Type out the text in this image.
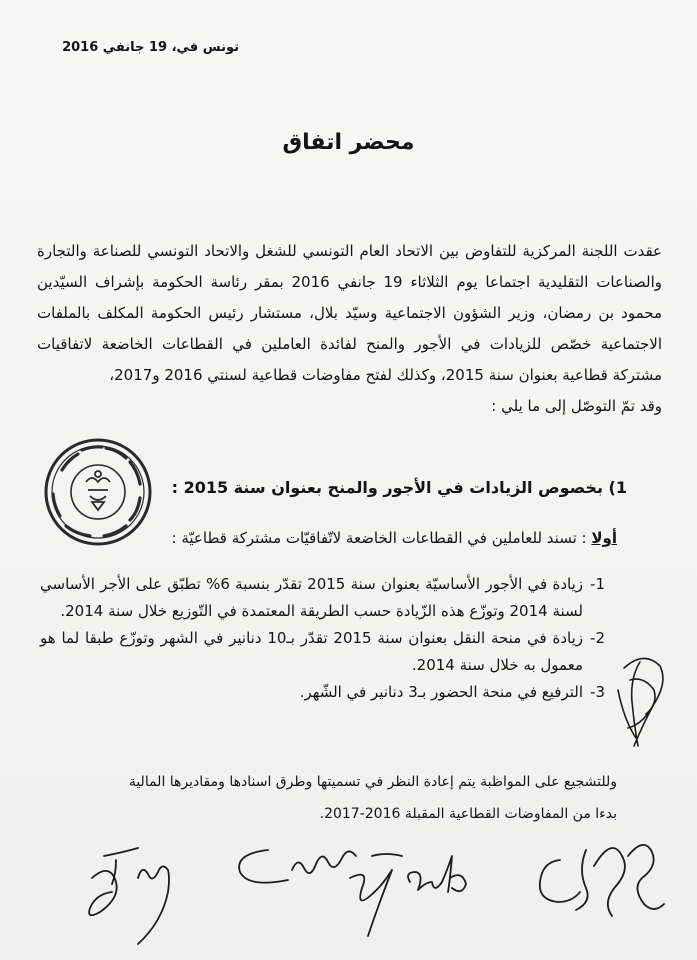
تونس في، 19 جانفي 2016
محضر اتفاق

عقدت اللجنة المركزية للتفاوض بين الاتحاد العام التونسي للشغل والاتحاد التونسي للصناعة والتجارة والصناعات التقليدية اجتماعا يوم الثلاثاء 19 جانفي 2016 بمقر رئاسة الحكومة بإشراف السيّدين محمود بن رمضان، وزير الشؤون الاجتماعية وسيّد بلال، مستشار رئيس الحكومة المكلف بالملفات الاجتماعية خصّص للزيادات في الأجور والمنح لفائدة العاملين في القطاعات الخاضعة لاتفاقيات مشتركة قطاعية بعنوان سنة 2015، وكذلك لفتح مفاوضات قطاعية لسنتي 2016 و2017،

وقد تمّ التوصّل إلى ما يلي :

1) بخصوص الزيادات في الأجور والمنح بعنوان سنة 2015 :
أولا : تسند للعاملين في القطاعات الخاضعة لاتّفاقيّات مشتركة قطاعيّة :
1-
زيادة في الأجور الأساسيّة بعنوان سنة 2015 تقدّر بنسبة 6% تطبّق على الأجر الأساسي لسنة 2014 وتوزّع هذه الزّيادة حسب الطريقة المعتمدة في التّوزيع خلال سنة 2014.
2-
زيادة في منحة النقل بعنوان سنة 2015 تقدّر بـ10 دنانير في الشهر وتوزّع طبقا لما هو معمول به خلال سنة 2014.
3-
الترفيع في منحة الحضور بـ3 دنانير في الشّهر.

وللتشجيع على المواظبة يتم إعادة النظر في تسميتها وطرق اسنادها ومقاديرها المالية

بدءا من المفاوضات القطاعية المقبلة 2016-2017.
